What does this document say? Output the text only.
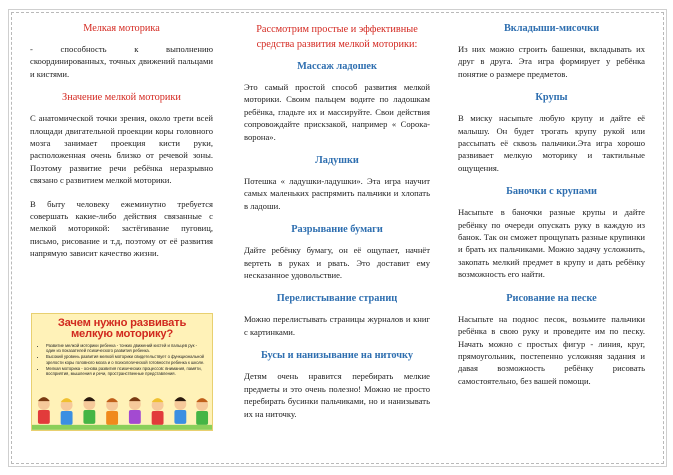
Мелкая моторика

- способность к выполнению скоординированных, точных движений пальцами и кистями.

Значение мелкой моторики

С анатомической точки зрения, около трети всей площади двигательной проекции коры головного мозга занимает проекция кисти руки, расположенная очень близко от речевой зоны. Поэтому развитие речи ребёнка неразрывно связано с развитием мелкой моторики.

В быту человеку ежеминутно требуется совершать какие-либо действия связанные с мелкой моторикой: застёгивание пуговиц, письмо, рисование и т.д, поэтому от её развития напрямую зависит качество жизни.

Зачем нужно развивать
мелкую моторику?
• Развитие мелкой моторики ребенка - тонких движений кистей и пальцев рук - один из показателей психического развития ребенка.
• Высокий уровень развития мелкой моторики свидетельствует о функциональной зрелости коры головного мозга и о психологической готовности ребенка к школе.
• Мелкая моторика - основа развития психических процессов: внимания, памяти, восприятия, мышления и речи, пространственные представления.
Рассмотрим простые и эффективные
средства развития мелкой моторики:
Массаж ладошек

Это самый простой способ развития мелкой моторики. Своим пальцем водите по ладошкам ребёнка, гладьте их и массируйте. Свои действия сопровождайте прискзакой, например « Сорока-ворона».

Ладушки

Потешка « ладушки-ладушки». Эта игра научит самых маленьких распрямить пальчики и хлопать в ладоши.

Разрывание бумаги

Дайте ребёнку бумагу, он её ощупает, начнёт вертеть в руках и рвать. Это доставит ему несказанное удовольствие.

Перелистывание страниц

Можно перелистывать страницы журналов и книг с картинками.

Бусы и нанизывание на ниточку

Детям очень нравится перебирать мелкие предметы и это очень полезно! Можно не просто перебирать бусинки пальчиками, но и нанизывать их на ниточку.

Вкладыши-мисочки

Из них можно строить башенки, вкладывать их друг в друга. Эта игра формирует у ребёнка понятие о размере предметов.

Крупы

В миску насыпьте любую крупу и дайте её малышу. Он будет трогать крупу рукой или рассыпать её сквозь пальчики.Эта игра хорошо развивает мелкую моторику и тактильные ощущения.

Баночки с крупами

Насыпьте в баночки разные крупы и дайте ребёнку по очереди опускать руку в каждую из банок. Так он сможет прощупать разные крупинки и брать их пальчиками. Можно задачу усложнить, закопать мелкий предмет в крупу и дать ребёнку возможность его найти.

Рисование на песке

Насыпьте на поднос песок, возьмите пальчики ребёнка в свою руку и проведите им по песку. Начать можно с простых фигур - линия, круг, прямоугольник, постепенно усложняя задания и давая возможность ребёнку рисовать самостоятельно, без вашей помощи.
